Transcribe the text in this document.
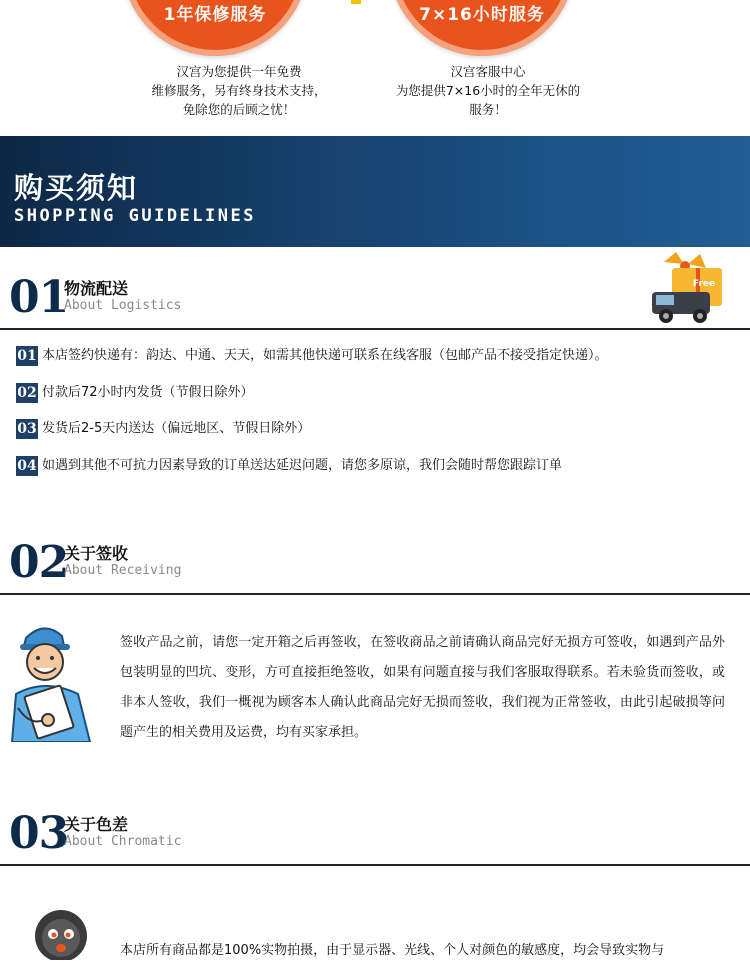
1年保修服务	7×16小时服务
汉宫为您提供一年免费
维修服务，另有终身技术支持，
免除您的后顾之忧！
汉宫客服中心
为您提供7×16小时的全年无休的
服务！
购买须知
SHOPPING GUIDELINES
01
物流配送
About Logistics
Free
01 本店签约快递有：韵达、中通、天天，如需其他快递可联系在线客服（包邮产品不接受指定快递）。
02 付款后72小时内发货（节假日除外）
03 发货后2-5天内送达（偏远地区、节假日除外）
04 如遇到其他不可抗力因素导致的订单送达延迟问题，请您多原谅，我们会随时帮您跟踪订单
02
关于签收
About Receiving
签收产品之前，请您一定开箱之后再签收，在签收商品之前请确认商品完好无损方可签收，如遇到产品外包装明显的凹坑、变形，方可直接拒绝签收，如果有问题直接与我们客服取得联系。若未验货而签收，或非本人签收，我们一概视为顾客本人确认此商品完好无损而签收，我们视为正常签收，由此引起破损等问题产生的相关费用及运费，均有买家承担。
03
关于色差
About Chromatic
本店所有商品都是100%实物拍摄，由于显示器、光线、个人对颜色的敏感度，均会导致实物与
